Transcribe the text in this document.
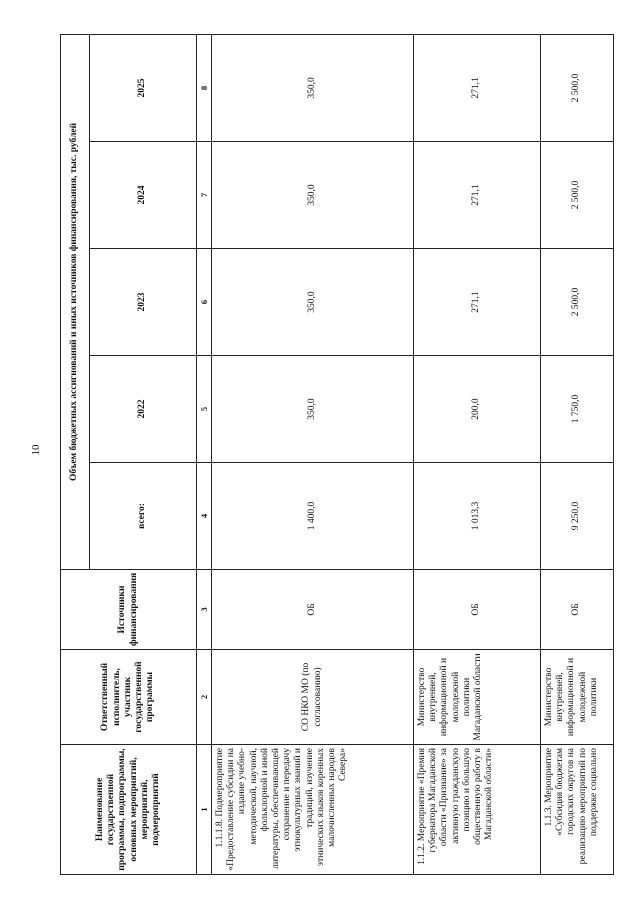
10
Наименование государственной программы, подпрограммы, основных мероприятий, мероприятий, подмероприятий	Ответственный исполнитель, участник государственной программы	Источники финансирования	Объем бюджетных ассигнований и иных источников финансирования, тыс. рублей				
			всего:	2022	2023	2024	2025
1	2	3	4	5	6	7	8
1.1.1.8. Подмероприятие «Предоставление субсидии на издание учебно-методической, научной, фольклорной и иной литературы, обеспечивающей сохранение и передачу этнокультурных знаний и традиций, изучение этнических языков коренных малочисленных народов Севера»	СО НКО МО (по согласованию)	ОБ	1 400,0	350,0	350,0	350,0	350,0
1.1.2. Мероприятие «Премия губернатора Магаданской области «Признание» за активную гражданскую позицию и большую общественную работу в Магаданской области»	Министерство внутренней, информационной и молодежной политики Магаданской области	ОБ	1 013,3	200,0	271,1	271,1	271,1
1.1.3. Мероприятие «Субсидия бюджетам городских округов на реализацию мероприятий по поддержке социально	Министерство внутренней, информационной и молодежной политики	ОБ	9 250,0	1 750,0	2 500,0	2 500,0	2 500,0
